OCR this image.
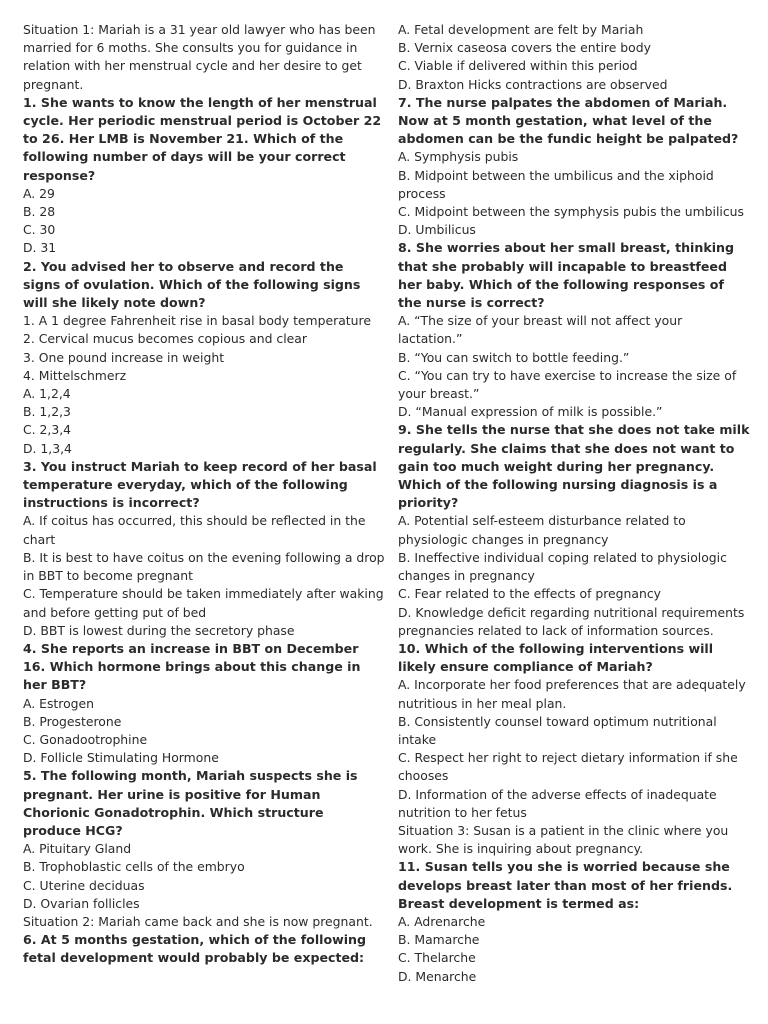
Situation 1: Mariah is a 31 year old lawyer who has been married for 6 moths. She consults you for guidance in relation with her menstrual cycle and her desire to get pregnant.
1. She wants to know the length of her menstrual cycle. Her periodic menstrual period is October 22 to 26. Her LMB is November 21. Which of the following number of days will be your correct response?
A. 29
B. 28
C. 30
D. 31
2. You advised her to observe and record the signs of ovulation. Which of the following signs will she likely note down?
1. A 1 degree Fahrenheit rise in basal body temperature
2. Cervical mucus becomes copious and clear
3. One pound increase in weight
4. Mittelschmerz
A. 1,2,4
B. 1,2,3
C. 2,3,4
D. 1,3,4
3. You instruct Mariah to keep record of her basal temperature everyday, which of the following instructions is incorrect?
A. If coitus has occurred, this should be reflected in the chart
B. It is best to have coitus on the evening following a drop in BBT to become pregnant
C. Temperature should be taken immediately after waking and before getting put of bed
D. BBT is lowest during the secretory phase
4. She reports an increase in BBT on December 16. Which hormone brings about this change in her BBT?
A. Estrogen
B. Progesterone
C. Gonadootrophine
D. Follicle Stimulating Hormone
5. The following month, Mariah suspects she is pregnant. Her urine is positive for Human Chorionic Gonadotrophin. Which structure produce HCG?
A. Pituitary Gland
B. Trophoblastic cells of the embryo
C. Uterine deciduas
D. Ovarian follicles
Situation 2: Mariah came back and she is now pregnant.
6. At 5 months gestation, which of the following fetal development would probably be expected:
A. Fetal development are felt by Mariah
B. Vernix caseosa covers the entire body
C. Viable if delivered within this period
D. Braxton Hicks contractions are observed
7. The nurse palpates the abdomen of Mariah. Now at 5 month gestation, what level of the abdomen can be the fundic height be palpated?
A. Symphysis pubis
B. Midpoint between the umbilicus and the xiphoid process
C. Midpoint between the symphysis pubis the umbilicus
D. Umbilicus
8. She worries about her small breast, thinking that she probably will incapable to breastfeed her baby. Which of the following responses of the nurse is correct?
A. “The size of your breast will not affect your lactation.”
B. “You can switch to bottle feeding.”
C. “You can try to have exercise to increase the size of your breast.”
D. “Manual expression of milk is possible.”
9. She tells the nurse that she does not take milk regularly. She claims that she does not want to gain too much weight during her pregnancy. Which of the following nursing diagnosis is a priority?
A. Potential self-esteem disturbance related to physiologic changes in pregnancy
B. Ineffective individual coping related to physiologic changes in pregnancy
C. Fear related to the effects of pregnancy
D. Knowledge deficit regarding nutritional requirements pregnancies related to lack of information sources.
10. Which of the following interventions will likely ensure compliance of Mariah?
A. Incorporate her food preferences that are adequately nutritious in her meal plan.
B. Consistently counsel toward optimum nutritional intake
C. Respect her right to reject dietary information if she chooses
D. Information of the adverse effects of inadequate nutrition to her fetus
Situation 3: Susan is a patient in the clinic where you work. She is inquiring about pregnancy.
11. Susan tells you she is worried because she develops breast later than most of her friends. Breast development is termed as:
A. Adrenarche
B. Mamarche
C. Thelarche
D. Menarche
